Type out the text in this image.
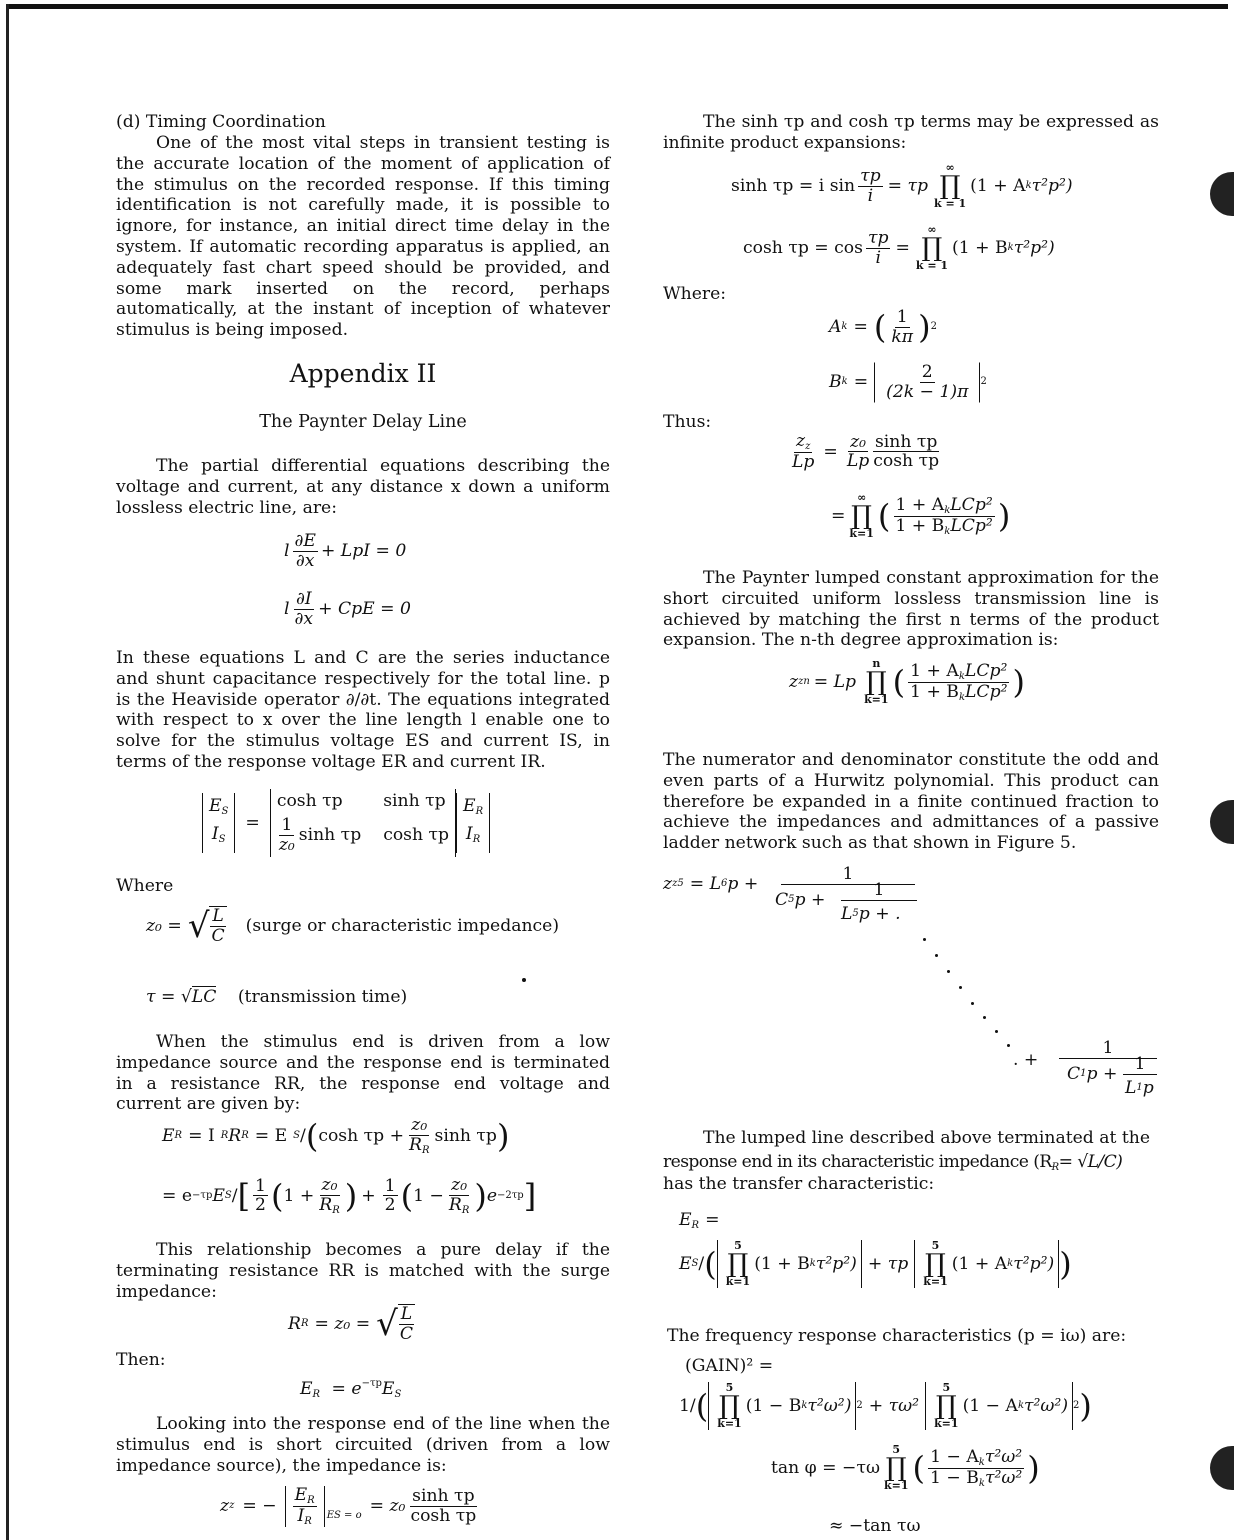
(d) Timing Coordination

One of the most vital steps in transient testing is the accurate location of the moment of application of the stimulus on the recorded response. If this timing identification is not carefully made, it is possible to ignore, for instance, an initial direct time delay in the system. If automatic recording apparatus is applied, an adequately fast chart speed should be provided, and some mark inserted on the record, perhaps automatically, at the instant of inception of whatever stimulus is being imposed.

Appendix II
The Paynter Delay Line

The partial differential equations describing the voltage and current, at any distance x down a uniform lossless electric line, are:

l $\frac{\partial E}{\partial x}$ + LpI = 0
l $\frac{\partial I}{\partial x}$ + CpE = 0

In these equations L and C are the series inductance and shunt capacitance respectively for the total line. p is the Heaviside operator ∂/∂t. The equations integrated with respect to x over the line length l enable one to solve for the stimulus voltage ES and current IS, in terms of the response voltage ER and current IR.

$E_S$
$I_S$
=
cosh τp	sinh τp
$\frac{1}{\text{z₀}}$ sinh τp cosh τp
$E_R$
$I_R$
Where
z₀ = √ $\frac{L}{C}$ (surge or characteristic impedance)
τ = √LC (transmission time)

When the stimulus end is driven from a low impedance source and the response end is terminated in a resistance RR, the response end voltage and current are given by:

E R = I R R R = E S / ( $\cosh \tau p + \frac{\text{z₀}}{R_R}$ sinh τp )
= e −τp E S / [ $\frac{1}{2}$ ( $1 + \frac{\text{z₀}}{R_R}$ ) + $\frac{1}{2}$ ( $1 - \frac{\text{z₀}}{R_R}$ ) e −2τp ]

This relationship becomes a pure delay if the terminating resistance RR is matched with the surge impedance:

R R = z₀ = √ $\frac{L}{C}$
Then:
$E_R = e^{-\tau p}E_S$

Looking into the response end of the line when the stimulus end is short circuited (driven from a low impedance source), the impedance is:

z z = − $\frac{E_R}{I_R}$ ES = $o = z_0 \frac{\text{sinh τp}}{\text{cosh τp}}$

The sinh τp and cosh τp terms may be expressed as infinite product expansions:

sinh τp = i $\sin \frac{\tau p}{i} = \tau p$
∞
∏
k = 1
(1 + A k τ²p²)
$\cosh \tau p = \cos \frac{\tau p}{i}$ =
∞
∏
k = 1
(1 + B k τ²p²)
Where:
A k = ( $\frac{1}{k\pi}$ ) 2
B $k = \frac{2}{(2k - 1)\pi} 2$
Thus:
$\frac{z_z}{Lp} = \frac{\text{z₀}}{Lp} \frac{\text{sinh τp}}{\text{cosh τp}}$
=
∞
∏
k=1 ( $\frac{1 + A_kLCp^2}{1 + B_kLCp^2}$ )

The Paynter lumped constant approximation for the short circuited uniform lossless transmission line is achieved by matching the first n terms of the product expansion. The n-th degree approximation is:

z zn = Lp
n
∏
k=1 ( $\frac{1 + A_kLCp^2}{1 + B_kLCp^2}$ )

The numerator and denominator constitute the odd and even parts of a Hurwitz polynomial. This product can therefore be expanded in a finite continued fraction to achieve the impedances and admittances of a passive ladder network such as that shown in Figure 5.

z z5 = L 6 p +	1
C 5 p +	1
L 5 p + .
. +
1
C 1 p + 1
L 1 p
The lumped line described above terminated at the
response end in its characteristic impedance $(R_R= √L/C)$
has the transfer characteristic:
$E_R$ =
E S / ( 5
∏
k=1
(1 + B k τ²p²) + τp
5
∏
k=1
(1 + A k τ²p²) )
The frequency response characteristics (p = iω) are:
(GAIN)² =
1/ ( 5
∏
k=1
(1 − B k τ²ω²) 2 + τω²
5
∏
k=1
(1 − A k τ²ω²) 2 )
tan φ = −τω
5
∏
k=1 ( $\frac{1 - A_k\tau^2\omega^2}{1 - B_k\tau^2\omega^2}$ )
≈ −tan τω
